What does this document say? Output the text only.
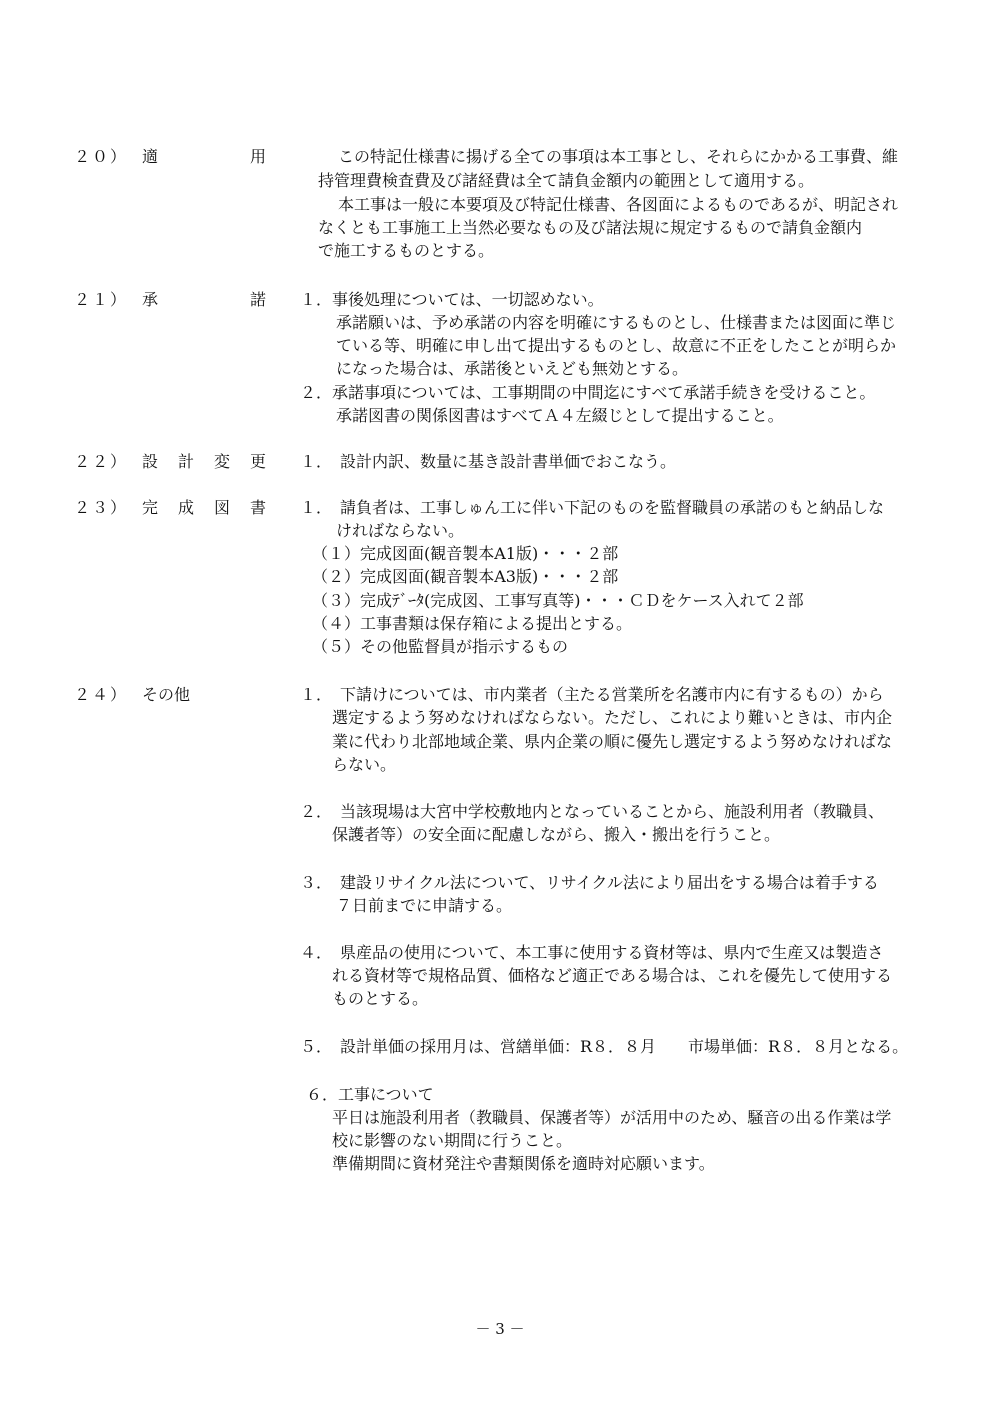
２０） 適	用	この特記仕様書に揚げる全ての事項は本工事とし、それらにかかる工事費、維
持管理費検査費及び諸経費は全て請負金額内の範囲として適用する。
本工事は一般に本要項及び特記仕様書、各図面によるものであるが、明記され
なくとも工事施工上当然必要なもの及び諸法規に規定するもので請負金額内
で施工するものとする。
２１） 承	諾 １．事後処理については、一切認めない。
承諾願いは、予め承諾の内容を明確にするものとし、仕様書または図面に準じ
ている等、明確に申し出て提出するものとし、故意に不正をしたことが明らか
になった場合は、承諾後といえども無効とする。
２．承諾事項については、工事期間の中間迄にすべて承諾手続きを受けること。
承諾図書の関係図書はすべてＡ４左綴じとして提出すること。
２２） 設 計 変 更 １．　設計内訳、数量に基き設計書単価でおこなう。
２３） 完 成 図 書 １．　請負者は、工事しゅん工に伴い下記のものを監督職員の承諾のもと納品しな
ければならない。
（１）完成図面(観音製本A1版)・・・２部
（２）完成図面(観音製本A3版)・・・２部
（３）完成ﾃﾞｰﾀ(完成図、工事写真等)・・・ＣＤをケース入れて２部
（４）工事書類は保存箱による提出とする。
（５）その他監督員が指示するもの
２４） その他	１．　下請けについては、市内業者（主たる営業所を名護市内に有するもの）から
選定するよう努めなければならない。ただし、これにより難いときは、市内企
業に代わり北部地域企業、県内企業の順に優先し選定するよう努めなければな
らない。
２．　当該現場は大宮中学校敷地内となっていることから、施設利用者（教職員、
保護者等）の安全面に配慮しながら、搬入・搬出を行うこと。
３．　建設リサイクル法について、リサイクル法により届出をする場合は着手する
７日前までに申請する。
４．　県産品の使用について、本工事に使用する資材等は、県内で生産又は製造さ
れる資材等で規格品質、価格など適正である場合は、これを優先して使用する
ものとする。
５．　設計単価の採用月は、営繕単価：R８．８月　　市場単価：R８．８月となる。
６．工事について
平日は施設利用者（教職員、保護者等）が活用中のため、騒音の出る作業は学
校に影響のない期間に行うこと。
準備期間に資材発注や書類関係を適時対応願います。
－ 3 －
